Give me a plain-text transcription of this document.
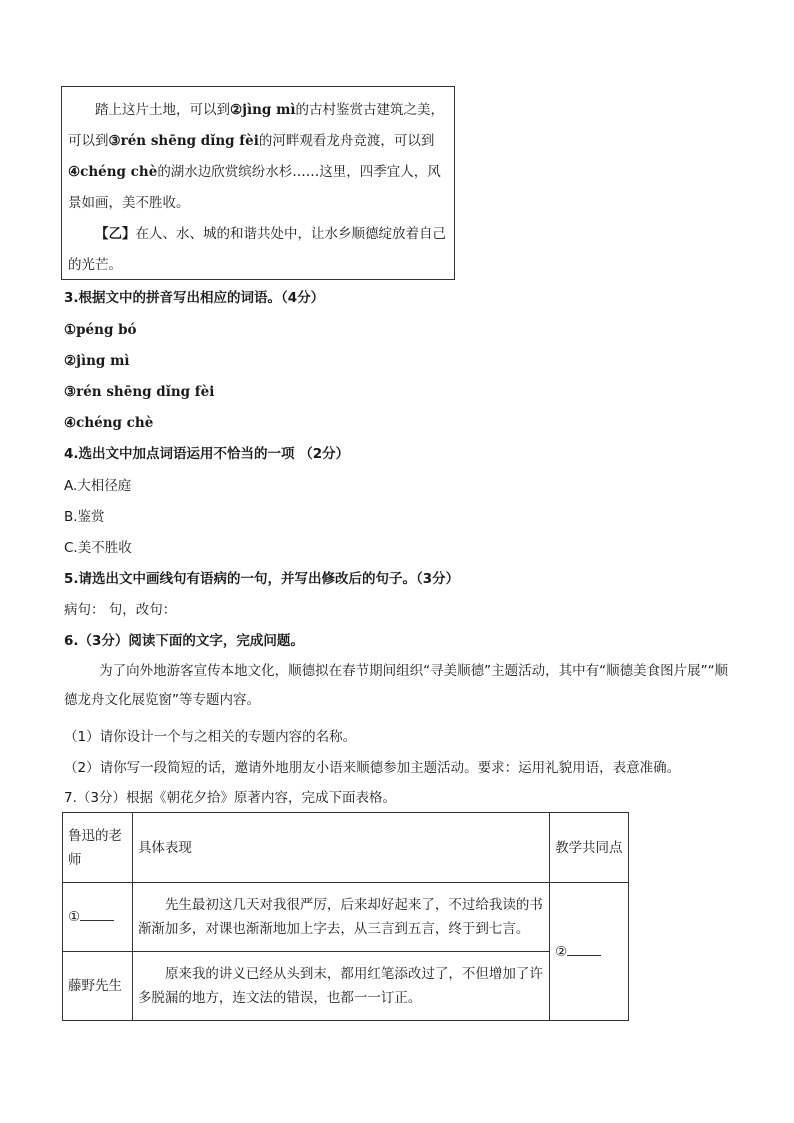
踏上这片土地，可以到②jìng mì的古村鉴赏古建筑之美，可以到③rén shēng dǐng fèi的河畔观看龙舟竞渡，可以到④chéng chè的湖水边欣赏缤纷水杉……这里，四季宜人，风景如画，美不胜收。

【乙】在人、水、城的和谐共处中，让水乡顺德绽放着自己的光芒。

3.根据文中的拼音写出相应的词语。（4分）
①péng bó
②jìng mì
③rén shēng dǐng fèi
④chéng chè
4.选出文中加点词语运用不恰当的一项 （2分）
A.大相径庭
B.鉴赏
C.美不胜收
5.请选出文中画线句有语病的一句，并写出修改后的句子。（3分）
病句： 句，改句：
6.（3分）阅读下面的文字，完成问题。
为了向外地游客宣传本地文化，顺德拟在春节期间组织“寻美顺德”主题活动，其中有“顺德美食图片展”“顺德龙舟文化展览窗”等专题内容。
（1）请你设计一个与之相关的专题内容的名称。
（2）请你写一段简短的话，邀请外地朋友小语来顺德参加主题活动。要求：运用礼貌用语，表意准确。
7.（3分）根据《朝花夕拾》原著内容，完成下面表格。
鲁迅的老师	具体表现	教学共同点
①	先生最初这几天对我很严厉，后来却好起来了，不过给我读的书渐渐加多，对课也渐渐地加上字去，从三言到五言，终于到七言。	②
藤野先生	原来我的讲义已经从头到末，都用红笔添改过了，不但增加了许多脱漏的地方，连文法的错误，也都一一订正。	
